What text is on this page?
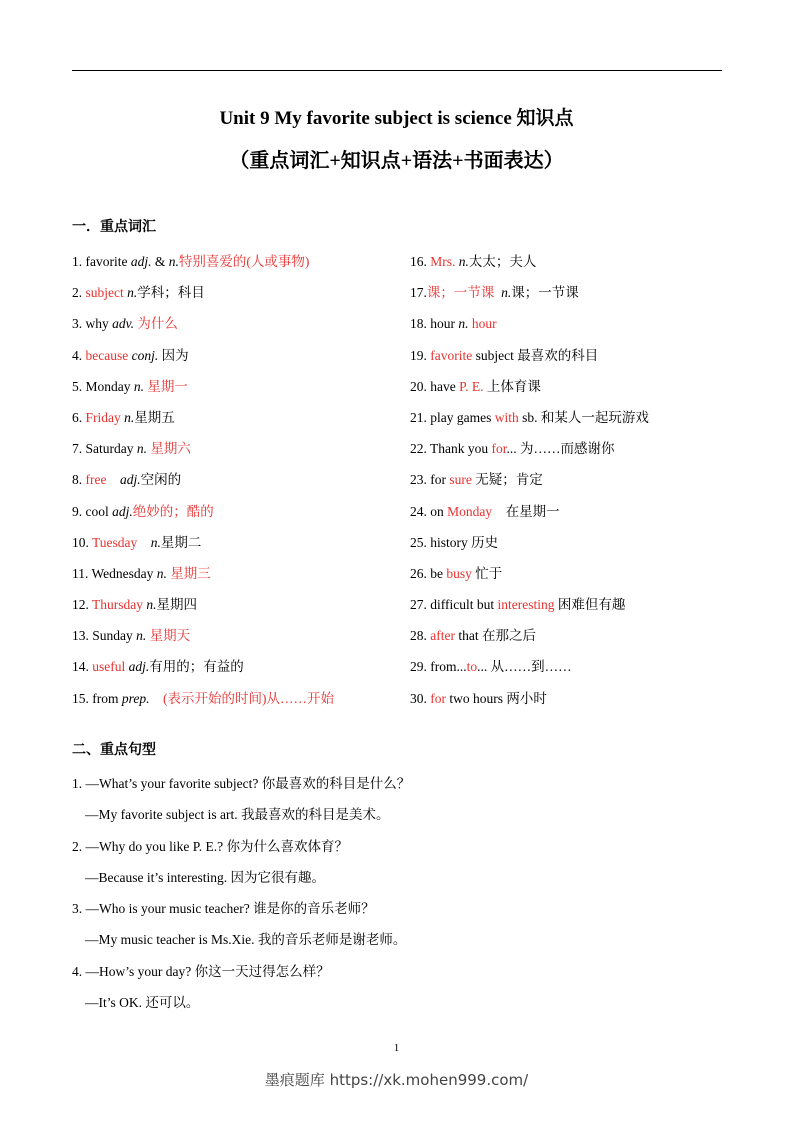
Unit 9 My favorite subject is science 知识点
（重点词汇+知识点+语法+书面表达）
一．重点词汇
1. favorite adj. & n.特别喜爱的(人或事物)
2. subject n.学科；科目
3. why adv. 为什么
4. because conj. 因为
5. Monday n. 星期一
6. Friday n.星期五
7. Saturday n. 星期六
8. free    adj.空闲的
9. cool adj.绝妙的；酷的
10. Tuesday    n.星期二
11. Wednesday n. 星期三
12. Thursday n.星期四
13. Sunday n. 星期天
14. useful adj.有用的；有益的
15. from prep.    (表示开始的时间)从……开始
16. Mrs. n.太太；夫人
17.课；一节课  n.课；一节课
18. hour n. hour
19. favorite subject 最喜欢的科目
20. have P. E. 上体育课
21. play games with sb. 和某人一起玩游戏
22. Thank you for... 为……而感谢你
23. for sure 无疑；肯定
24. on Monday    在星期一
25. history 历史
26. be busy 忙于
27. difficult but interesting 困难但有趣
28. after that 在那之后
29. from...to... 从……到……
30. for two hours 两小时
二、重点句型
1. —What’s your favorite subject? 你最喜欢的科目是什么？
—My favorite subject is art. 我最喜欢的科目是美术。
2. —Why do you like P. E.? 你为什么喜欢体育？
—Because it’s interesting. 因为它很有趣。
3. —Who is your music teacher? 谁是你的音乐老师？
—My music teacher is Ms.Xie. 我的音乐老师是谢老师。
4. —How’s your day? 你这一天过得怎么样？
—It’s OK. 还可以。
1
墨痕题库 https://xk.mohen999.com/
